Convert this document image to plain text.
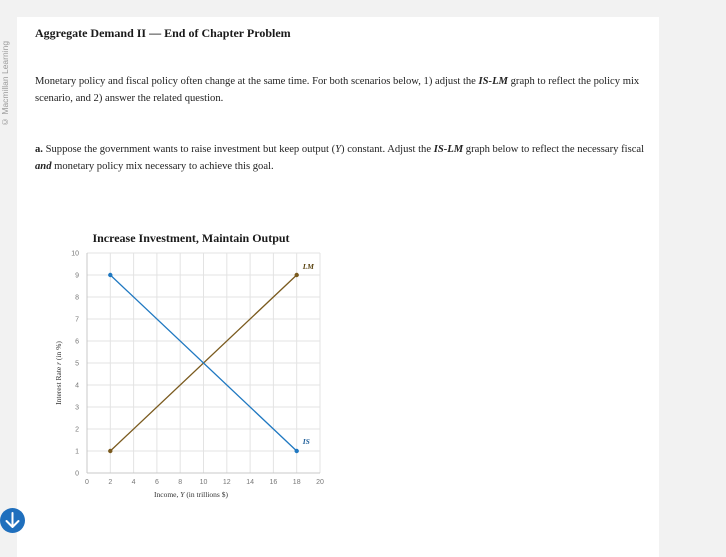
© Macmillan Learning
Aggregate Demand II — End of Chapter Problem
Monetary policy and fiscal policy often change at the same time. For both scenarios below, 1) adjust the IS-LM graph to reflect the policy mix scenario, and 2) answer the related question.
a. Suppose the government wants to raise investment but keep output (Y) constant. Adjust the IS-LM graph below to reflect the necessary fiscal and monetary policy mix necessary to achieve this goal.
Increase Investment, Maintain Output
0	2	4	6	8 10 12 14 16 18 20
0
1
2
3
4
5
6
7
8
9
10
LM
IS
Income, Y (in trillions $)
Interest Rate r (in %)
